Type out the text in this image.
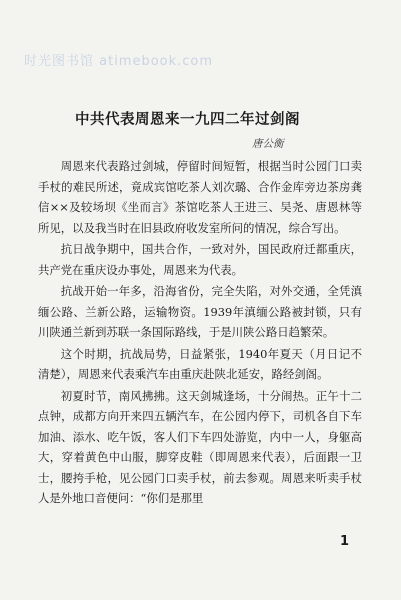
时光图书馆 atimebook.com
中共代表周恩来一九四二年过剑阁
唐公衡

周恩来代表路过剑城，停留时间短暂，根据当时公园门口卖手杖的难民所述，竟成宾馆吃茶人刘次璐、合作金库旁边茶房龚信××及较场坝《坐而言》茶馆吃茶人王进三、吴尧、唐恩林等所见，以及我当时在旧县政府收发室所问的情况，综合写出。

抗日战争期中，国共合作，一致对外，国民政府迁都重庆，共产党在重庆设办事处，周恩来为代表。

抗战开始一年多，沿海省份，完全失陷，对外交通，全凭滇缅公路、兰新公路，运输物资。1939年滇缅公路被封锁，只有川陕通兰新到苏联一条国际路线，于是川陕公路日趋繁荣。

这个时期，抗战局势，日益紧张，1940年夏天（月日记不清楚），周恩来代表乘汽车由重庆赴陕北延安，路经剑阁。

初夏时节，南风拂拂。这天剑城逢场，十分闹热。正午十二点钟，成都方向开来四五辆汽车，在公园内停下，司机各自下车加油、添水、吃午饭，客人们下车四处游览，内中一人，身躯高大，穿着黄色中山服，脚穿皮鞋（即周恩来代表），后面跟一卫士，腰挎手枪，见公园门口卖手杖，前去参观。周恩来听卖手杖人是外地口音便问：“你们是那里

1
